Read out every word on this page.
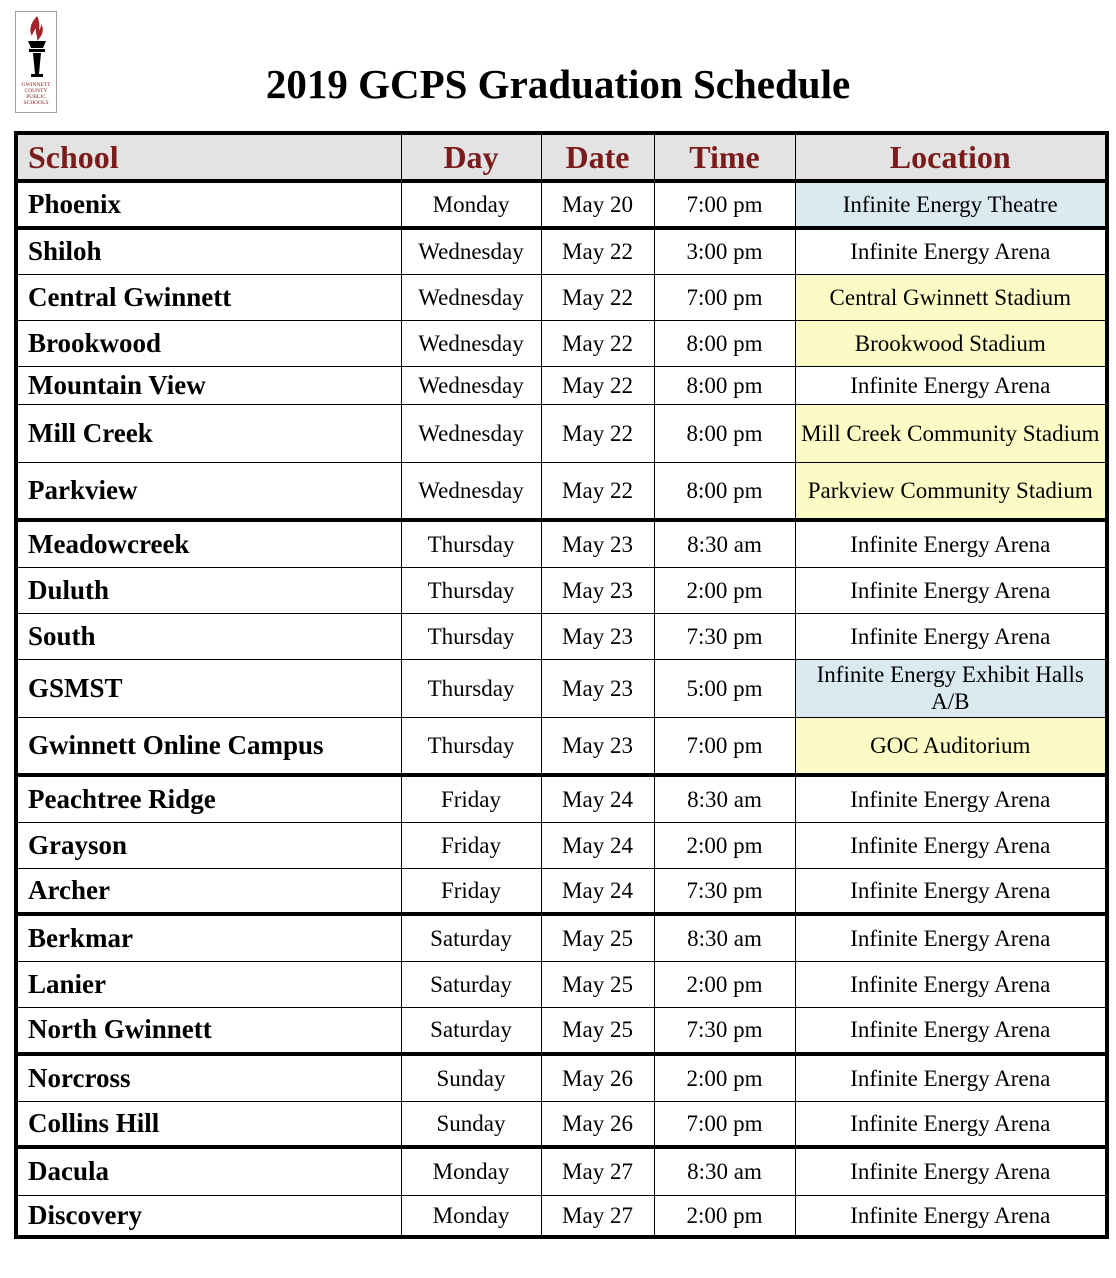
GWINNETT
COUNTY
PUBLIC
SCHOOLS	2019 GCPS Graduation Schedule
School	Day	Date	Time	Location
Phoenix	Monday	May 20	7:00 pm	Infinite Energy Theatre
Shiloh	Wednesday	May 22	3:00 pm	Infinite Energy Arena
Central Gwinnett	Wednesday	May 22	7:00 pm	Central Gwinnett Stadium
Brookwood	Wednesday	May 22	8:00 pm	Brookwood Stadium
Mountain View	Wednesday	May 22	8:00 pm	Infinite Energy Arena
Mill Creek	Wednesday	May 22	8:00 pm	Mill Creek Community Stadium
Parkview	Wednesday	May 22	8:00 pm	Parkview Community Stadium
Meadowcreek	Thursday	May 23	8:30 am	Infinite Energy Arena
Duluth	Thursday	May 23	2:00 pm	Infinite Energy Arena
South	Thursday	May 23	7:30 pm	Infinite Energy Arena
GSMST	Thursday	May 23	5:00 pm	Infinite Energy Exhibit Halls A/B
Gwinnett Online Campus	Thursday	May 23	7:00 pm	GOC Auditorium
Peachtree Ridge	Friday	May 24	8:30 am	Infinite Energy Arena
Grayson	Friday	May 24	2:00 pm	Infinite Energy Arena
Archer	Friday	May 24	7:30 pm	Infinite Energy Arena
Berkmar	Saturday	May 25	8:30 am	Infinite Energy Arena
Lanier	Saturday	May 25	2:00 pm	Infinite Energy Arena
North Gwinnett	Saturday	May 25	7:30 pm	Infinite Energy Arena
Norcross	Sunday	May 26	2:00 pm	Infinite Energy Arena
Collins Hill	Sunday	May 26	7:00 pm	Infinite Energy Arena
Dacula	Monday	May 27	8:30 am	Infinite Energy Arena
Discovery	Monday	May 27	2:00 pm	Infinite Energy Arena
